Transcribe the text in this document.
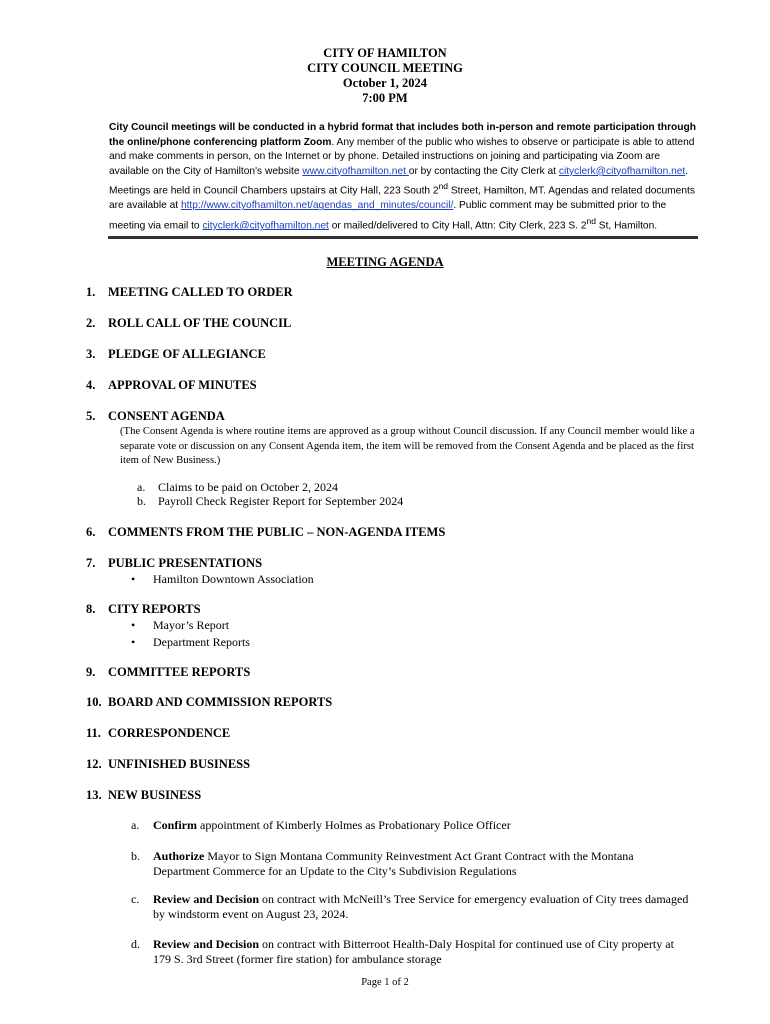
CITY OF HAMILTON
CITY COUNCIL MEETING
October 1, 2024
7:00 PM
City Council meetings will be conducted in a hybrid format that includes both in-person and remote participation through the online/phone conferencing platform Zoom. Any member of the public who wishes to observe or participate is able to attend and make comments in person, on the Internet or by phone. Detailed instructions on joining and participating via Zoom are available on the City of Hamilton's website www.cityofhamilton.net or by contacting the City Clerk at cityclerk@cityofhamilton.net. Meetings are held in Council Chambers upstairs at City Hall, 223 South 2nd Street, Hamilton, MT. Agendas and related documents are available at http://www.cityofhamilton.net/agendas_and_minutes/council/. Public comment may be submitted prior to the meeting via email to cityclerk@cityofhamilton.net or mailed/delivered to City Hall, Attn: City Clerk, 223 S. 2nd St, Hamilton.
MEETING AGENDA
1. MEETING CALLED TO ORDER
2. ROLL CALL OF THE COUNCIL
3. PLEDGE OF ALLEGIANCE
4. APPROVAL OF MINUTES
5. CONSENT AGENDA
(The Consent Agenda is where routine items are approved as a group without Council discussion. If any Council member would like a separate vote or discussion on any Consent Agenda item, the item will be removed from the Consent Agenda and be placed as the first item of New Business.)
a. Claims to be paid on October 2, 2024
b. Payroll Check Register Report for September 2024
6. COMMENTS FROM THE PUBLIC – NON-AGENDA ITEMS
7. PUBLIC PRESENTATIONS
• Hamilton Downtown Association
8. CITY REPORTS
• Mayor’s Report
• Department Reports
9. COMMITTEE REPORTS
10. BOARD AND COMMISSION REPORTS
11. CORRESPONDENCE
12. UNFINISHED BUSINESS
13. NEW BUSINESS
a. Confirm appointment of Kimberly Holmes as Probationary Police Officer
b. Authorize Mayor to Sign Montana Community Reinvestment Act Grant Contract with the Montana Department Commerce for an Update to the City’s Subdivision Regulations
c. Review and Decision on contract with McNeill’s Tree Service for emergency evaluation of City trees damaged by windstorm event on August 23, 2024.
d. Review and Decision on contract with Bitterroot Health-Daly Hospital for continued use of City property at 179 S. 3rd Street (former fire station) for ambulance storage
Page 1 of 2
